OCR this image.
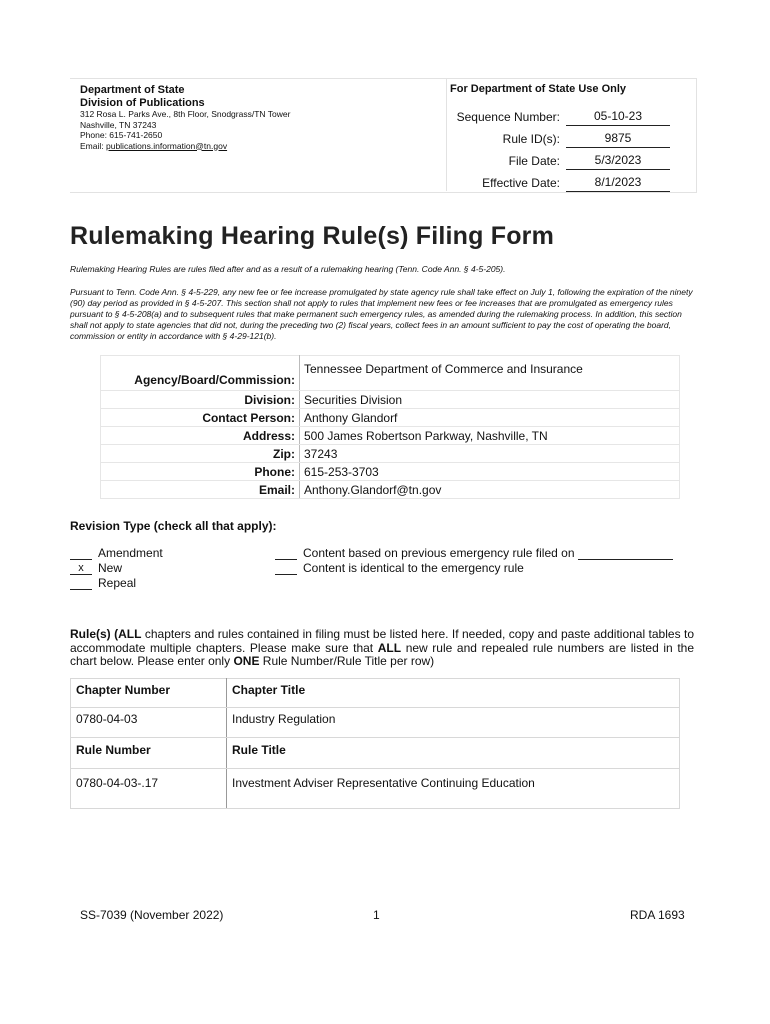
Department of State
Division of Publications
312 Rosa L. Parks Ave., 8th Floor, Snodgrass/TN Tower
Nashville, TN 37243
Phone: 615-741-2650
Email: publications.information@tn.gov
For Department of State Use Only
Sequence Number:	05-10-23
Rule ID(s):	9875
File Date:	5/3/2023
Effective Date:	8/1/2023
Rulemaking Hearing Rule(s) Filing Form
Rulemaking Hearing Rules are rules filed after and as a result of a rulemaking hearing (Tenn. Code Ann. § 4-5-205).
Pursuant to Tenn. Code Ann. § 4-5-229, any new fee or fee increase promulgated by state agency rule shall take effect on July 1, following the expiration of the ninety (90) day period as provided in § 4-5-207. This section shall not apply to rules that implement new fees or fee increases that are promulgated as emergency rules pursuant to § 4-5-208(a) and to subsequent rules that make permanent such emergency rules, as amended during the rulemaking process. In addition, this section shall not apply to state agencies that did not, during the preceding two (2) fiscal years, collect fees in an amount sufficient to pay the cost of operating the board, commission or entity in accordance with § 4-29-121(b).
Agency/Board/Commission:	Tennessee Department of Commerce and Insurance
Division:	Securities Division
Contact Person:	Anthony Glandorf
Address:	500 James Robertson Parkway, Nashville, TN
Zip:	37243
Phone:	615-253-3703
Email:	Anthony.Glandorf@tn.gov
Revision Type (check all that apply):
Amendment
x New
Repeal
Content based on previous emergency rule filed on
Content is identical to the emergency rule
Rule(s) (ALL chapters and rules contained in filing must be listed here. If needed, copy and paste additional tables to accommodate multiple chapters. Please make sure that ALL new rule and repealed rule numbers are listed in the chart below. Please enter only ONE Rule Number/Rule Title per row)
Chapter Number	Chapter Title
0780-04-03	Industry Regulation
Rule Number	Rule Title
0780-04-03-.17	Investment Adviser Representative Continuing Education
SS-7039 (November 2022)	1	RDA 1693
